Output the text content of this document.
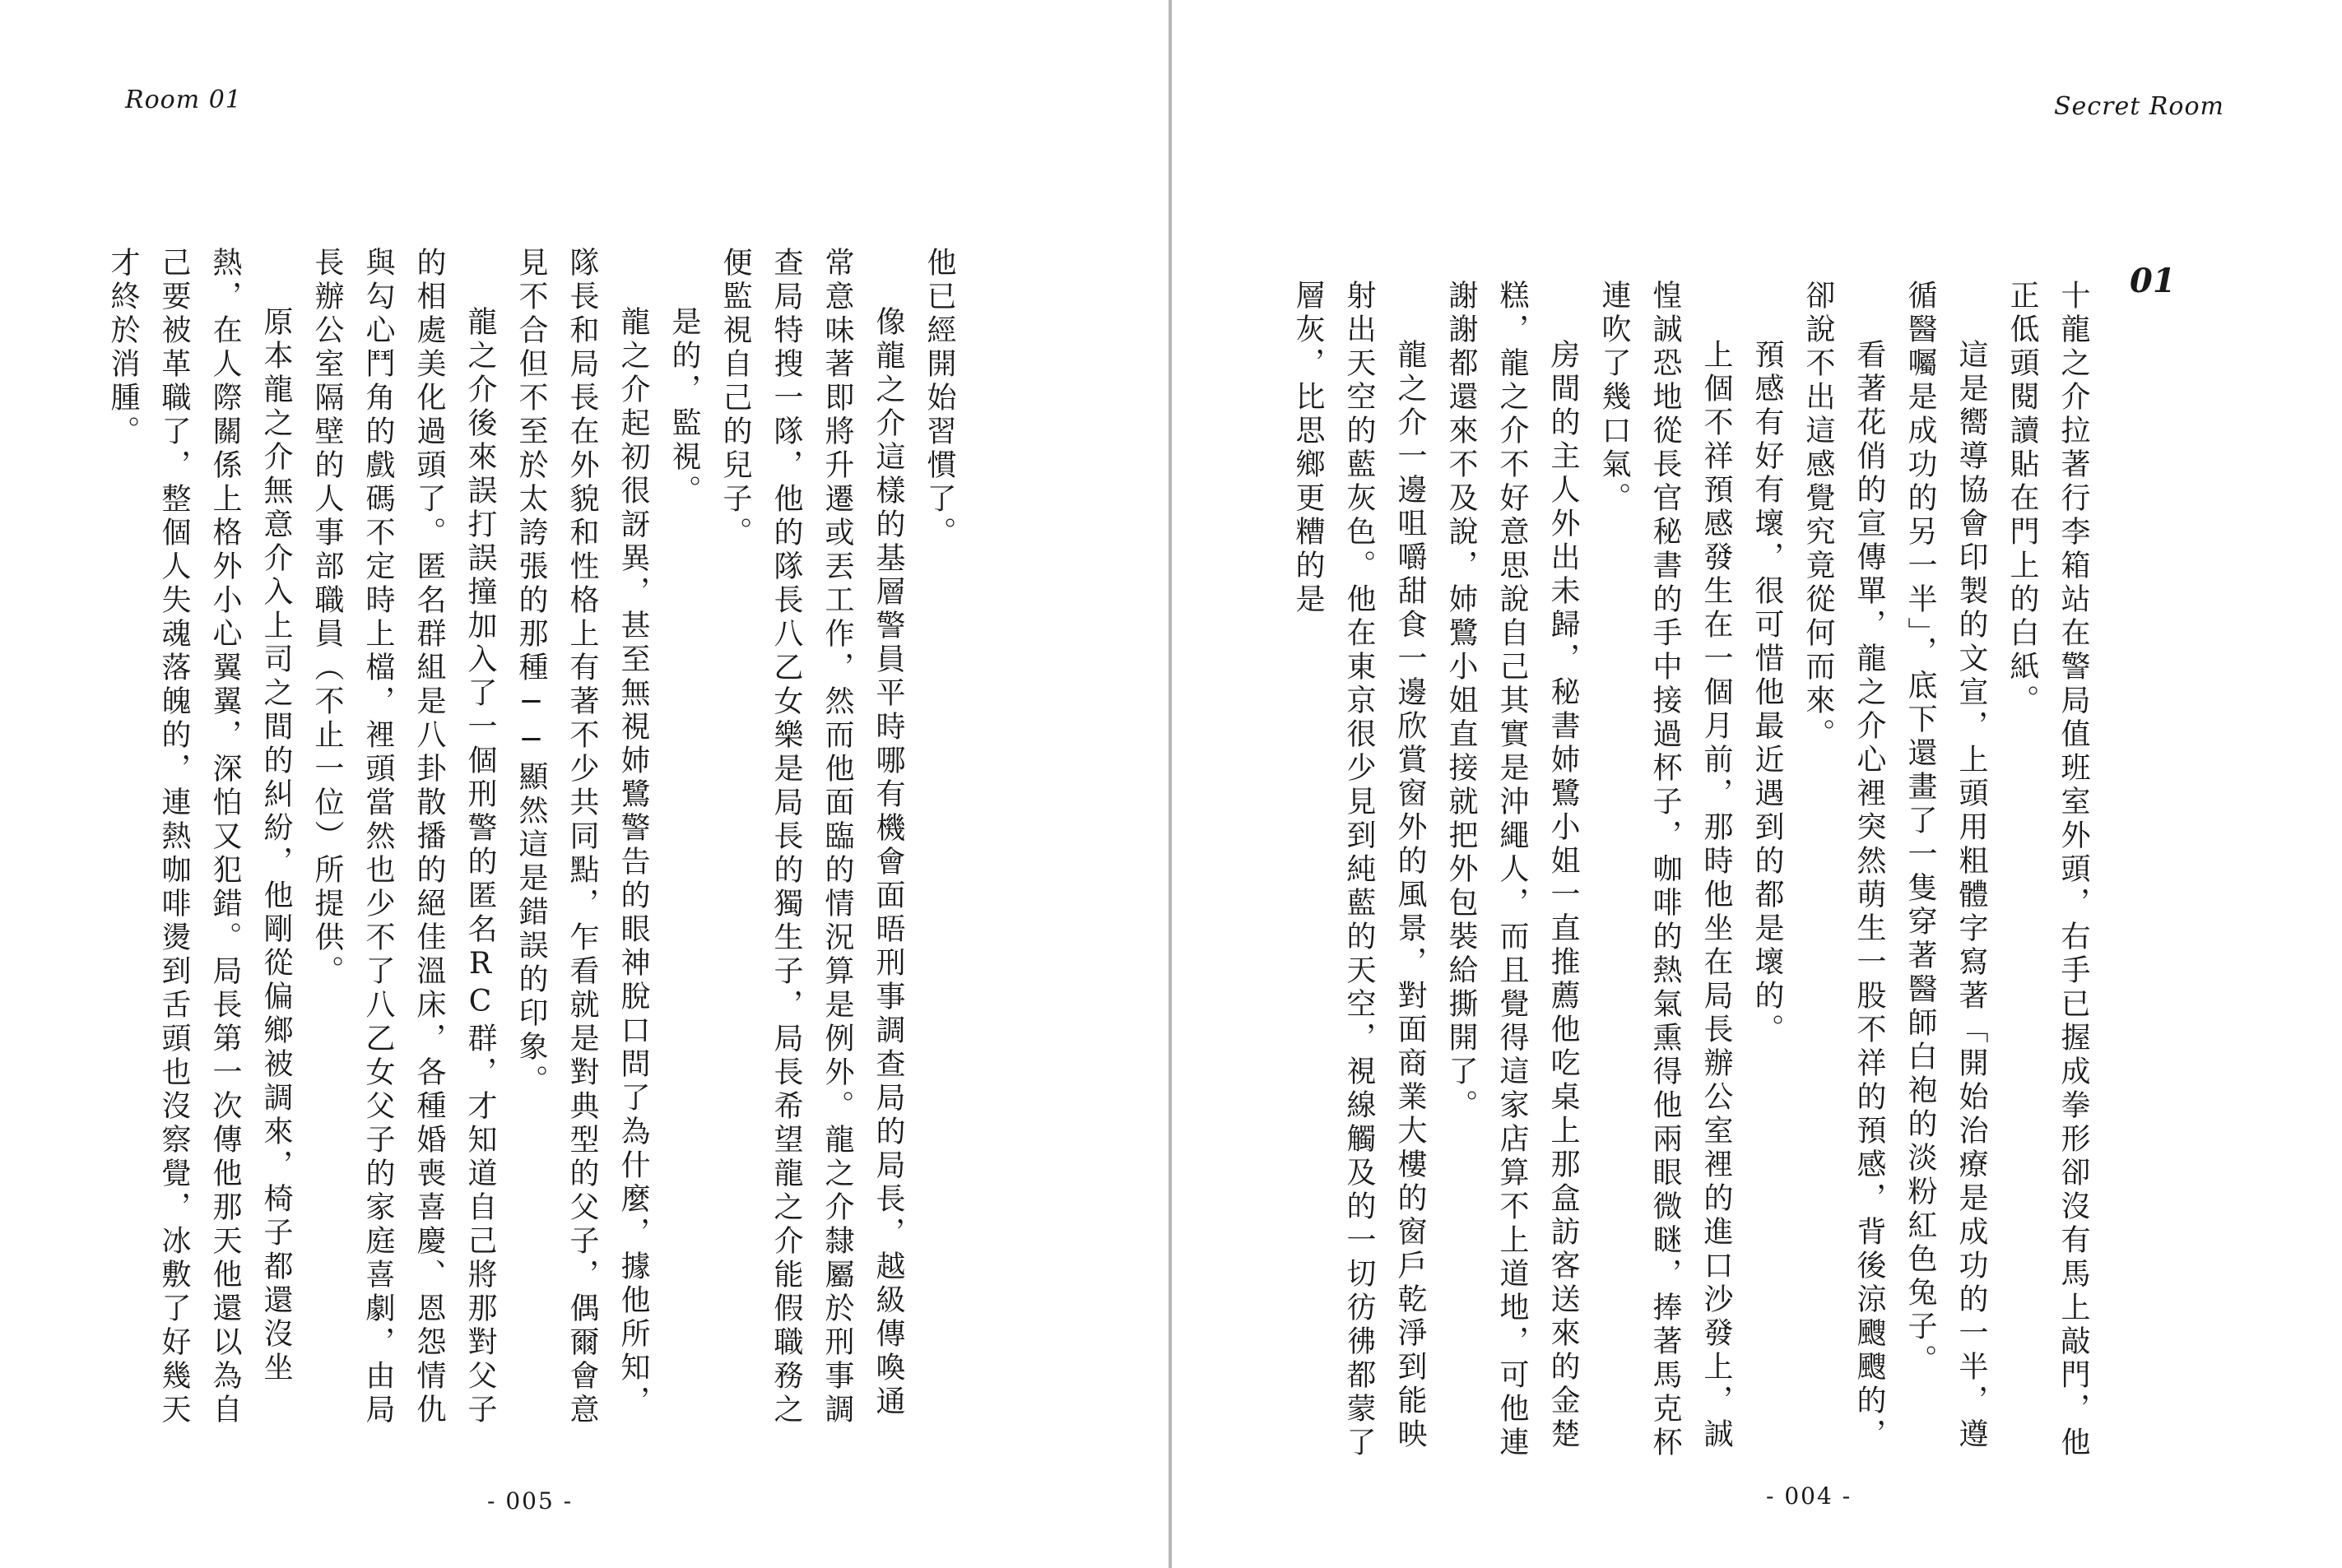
Room 01

他已經開始習慣了。

像龍之介這樣的基層警員平時哪有機會面晤刑事調查局的局長，越級傳喚通常意味著即將升遷或丟工作，然而他面臨的情況算是例外。龍之介隸屬於刑事調查局特搜一隊，他的隊長八乙女樂是局長的獨生子，局長希望龍之介能假職務之便監視自己的兒子。

是的，監視。

龍之介起初很訝異，甚至無視姉鷺警告的眼神脫口問了為什麼，據他所知，隊長和局長在外貌和性格上有著不少共同點，乍看就是對典型的父子，偶爾會意見不合但不至於太誇張的那種──顯然這是錯誤的印象。

龍之介後來誤打誤撞加入了一個刑警的匿名RC群，才知道自己將那對父子的相處美化過頭了。匿名群組是八卦散播的絕佳溫床，各種婚喪喜慶、恩怨情仇與勾心鬥角的戲碼不定時上檔，裡頭當然也少不了八乙女父子的家庭喜劇，由局長辦公室隔壁的人事部職員（不止一位）所提供。

原本龍之介無意介入上司之間的糾紛，他剛從偏鄉被調來，椅子都還沒坐熱，在人際關係上格外小心翼翼，深怕又犯錯。局長第一次傳他那天他還以為自己要被革職了，整個人失魂落魄的，連熱咖啡燙到舌頭也沒察覺，冰敷了好幾天才終於消腫。

- 005 -
Secret Room
01

十龍之介拉著行李箱站在警局值班室外頭，右手已握成拳形卻沒有馬上敲門，他正低頭閱讀貼在門上的白紙。

這是嚮導協會印製的文宣，上頭用粗體字寫著「開始治療是成功的一半，遵循醫囑是成功的另一半」，底下還畫了一隻穿著醫師白袍的淡粉紅色兔子。

看著花俏的宣傳單，龍之介心裡突然萌生一股不祥的預感，背後涼颼颼的，卻說不出這感覺究竟從何而來。

預感有好有壞，很可惜他最近遇到的都是壞的。

上個不祥預感發生在一個月前，那時他坐在局長辦公室裡的進口沙發上，誠惶誠恐地從長官秘書的手中接過杯子，咖啡的熱氣熏得他兩眼微瞇，捧著馬克杯連吹了幾口氣。

房間的主人外出未歸，秘書姉鷺小姐一直推薦他吃桌上那盒訪客送來的金楚糕，龍之介不好意思說自己其實是沖繩人，而且覺得這家店算不上道地，可他連謝謝都還來不及說，姉鷺小姐直接就把外包裝給撕開了。

龍之介一邊咀嚼甜食一邊欣賞窗外的風景，對面商業大樓的窗戶乾淨到能映射出天空的藍灰色。他在東京很少見到純藍的天空，視線觸及的一切彷彿都蒙了層灰，比思鄉更糟的是

- 004 -
